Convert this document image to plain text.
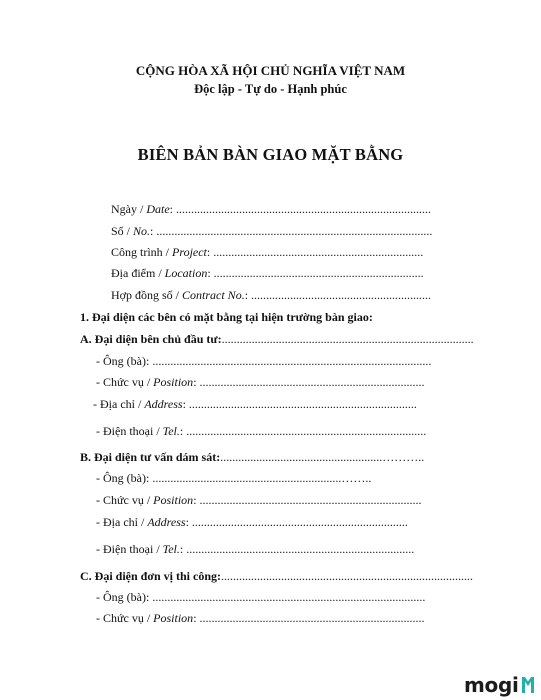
CỘNG HÒA XÃ HỘI CHỦ NGHĨA VIỆT NAM
Độc lập - Tự do - Hạnh phúc
BIÊN BẢN BÀN GIAO MẶT BẰNG
Ngày / Date: .....................................................................................
Số / No.: ............................................................................................
Công trình / Project: ......................................................................
Địa điểm / Location: ......................................................................
Hợp đồng số / Contract No.: ............................................................
1. Đại diện các bên có mặt bằng tại hiện trường bàn giao:
A. Đại diện bên chủ đầu tư:....................................................................................
- Ông (bà): .............................................................................................
- Chức vụ / Position: ...........................................................................
- Địa chỉ / Address: ............................................................................
- Điện thoại / Tel.: ................................................................................
B. Đại diện tư vấn dám sát:......................................................………..
- Ông (bà): ...............................................................……..
- Chức vụ / Position: ..........................................................................
- Địa chỉ / Address: ........................................................................
- Điện thoại / Tel.: ............................................................................
C. Đại diện đơn vị thi công:....................................................................................
- Ông (bà): ...........................................................................................
- Chức vụ / Position: ...........................................................................
mogi
